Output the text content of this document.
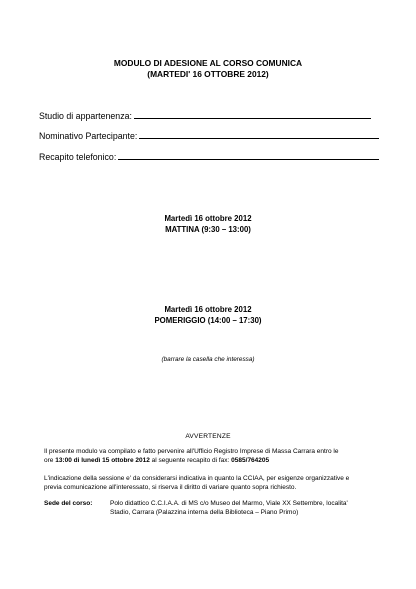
MODULO DI ADESIONE AL CORSO COMUNICA
(MARTEDI' 16 OTTOBRE 2012)
Studio di appartenenza:
Nominativo Partecipante:
Recapito telefonico:
Martedì 16 ottobre 2012
MATTINA (9:30 – 13:00)
Martedì 16 ottobre 2012
POMERIGGIO (14:00 – 17:30)
(barrare la casella che interessa)
AVVERTENZE
Il presente modulo va compilato e fatto pervenire all'Ufficio Registro Imprese di Massa Carrara entro le
ore 13:00 di lunedì 15 ottobre 2012 al seguente recapito di fax: 0585/764205
L'indicazione della sessione e' da considerarsi indicativa in quanto la CCIAA, per esigenze organizzative e
previa comunicazione all'interessato, si riserva il diritto di variare quanto sopra richiesto.
Sede del corso:	Polo didattico C.C.I.A.A. di MS c/o Museo del Marmo, Viale XX Settembre, localita'
Stadio, Carrara (Palazzina interna della Biblioteca – Piano Primo)
